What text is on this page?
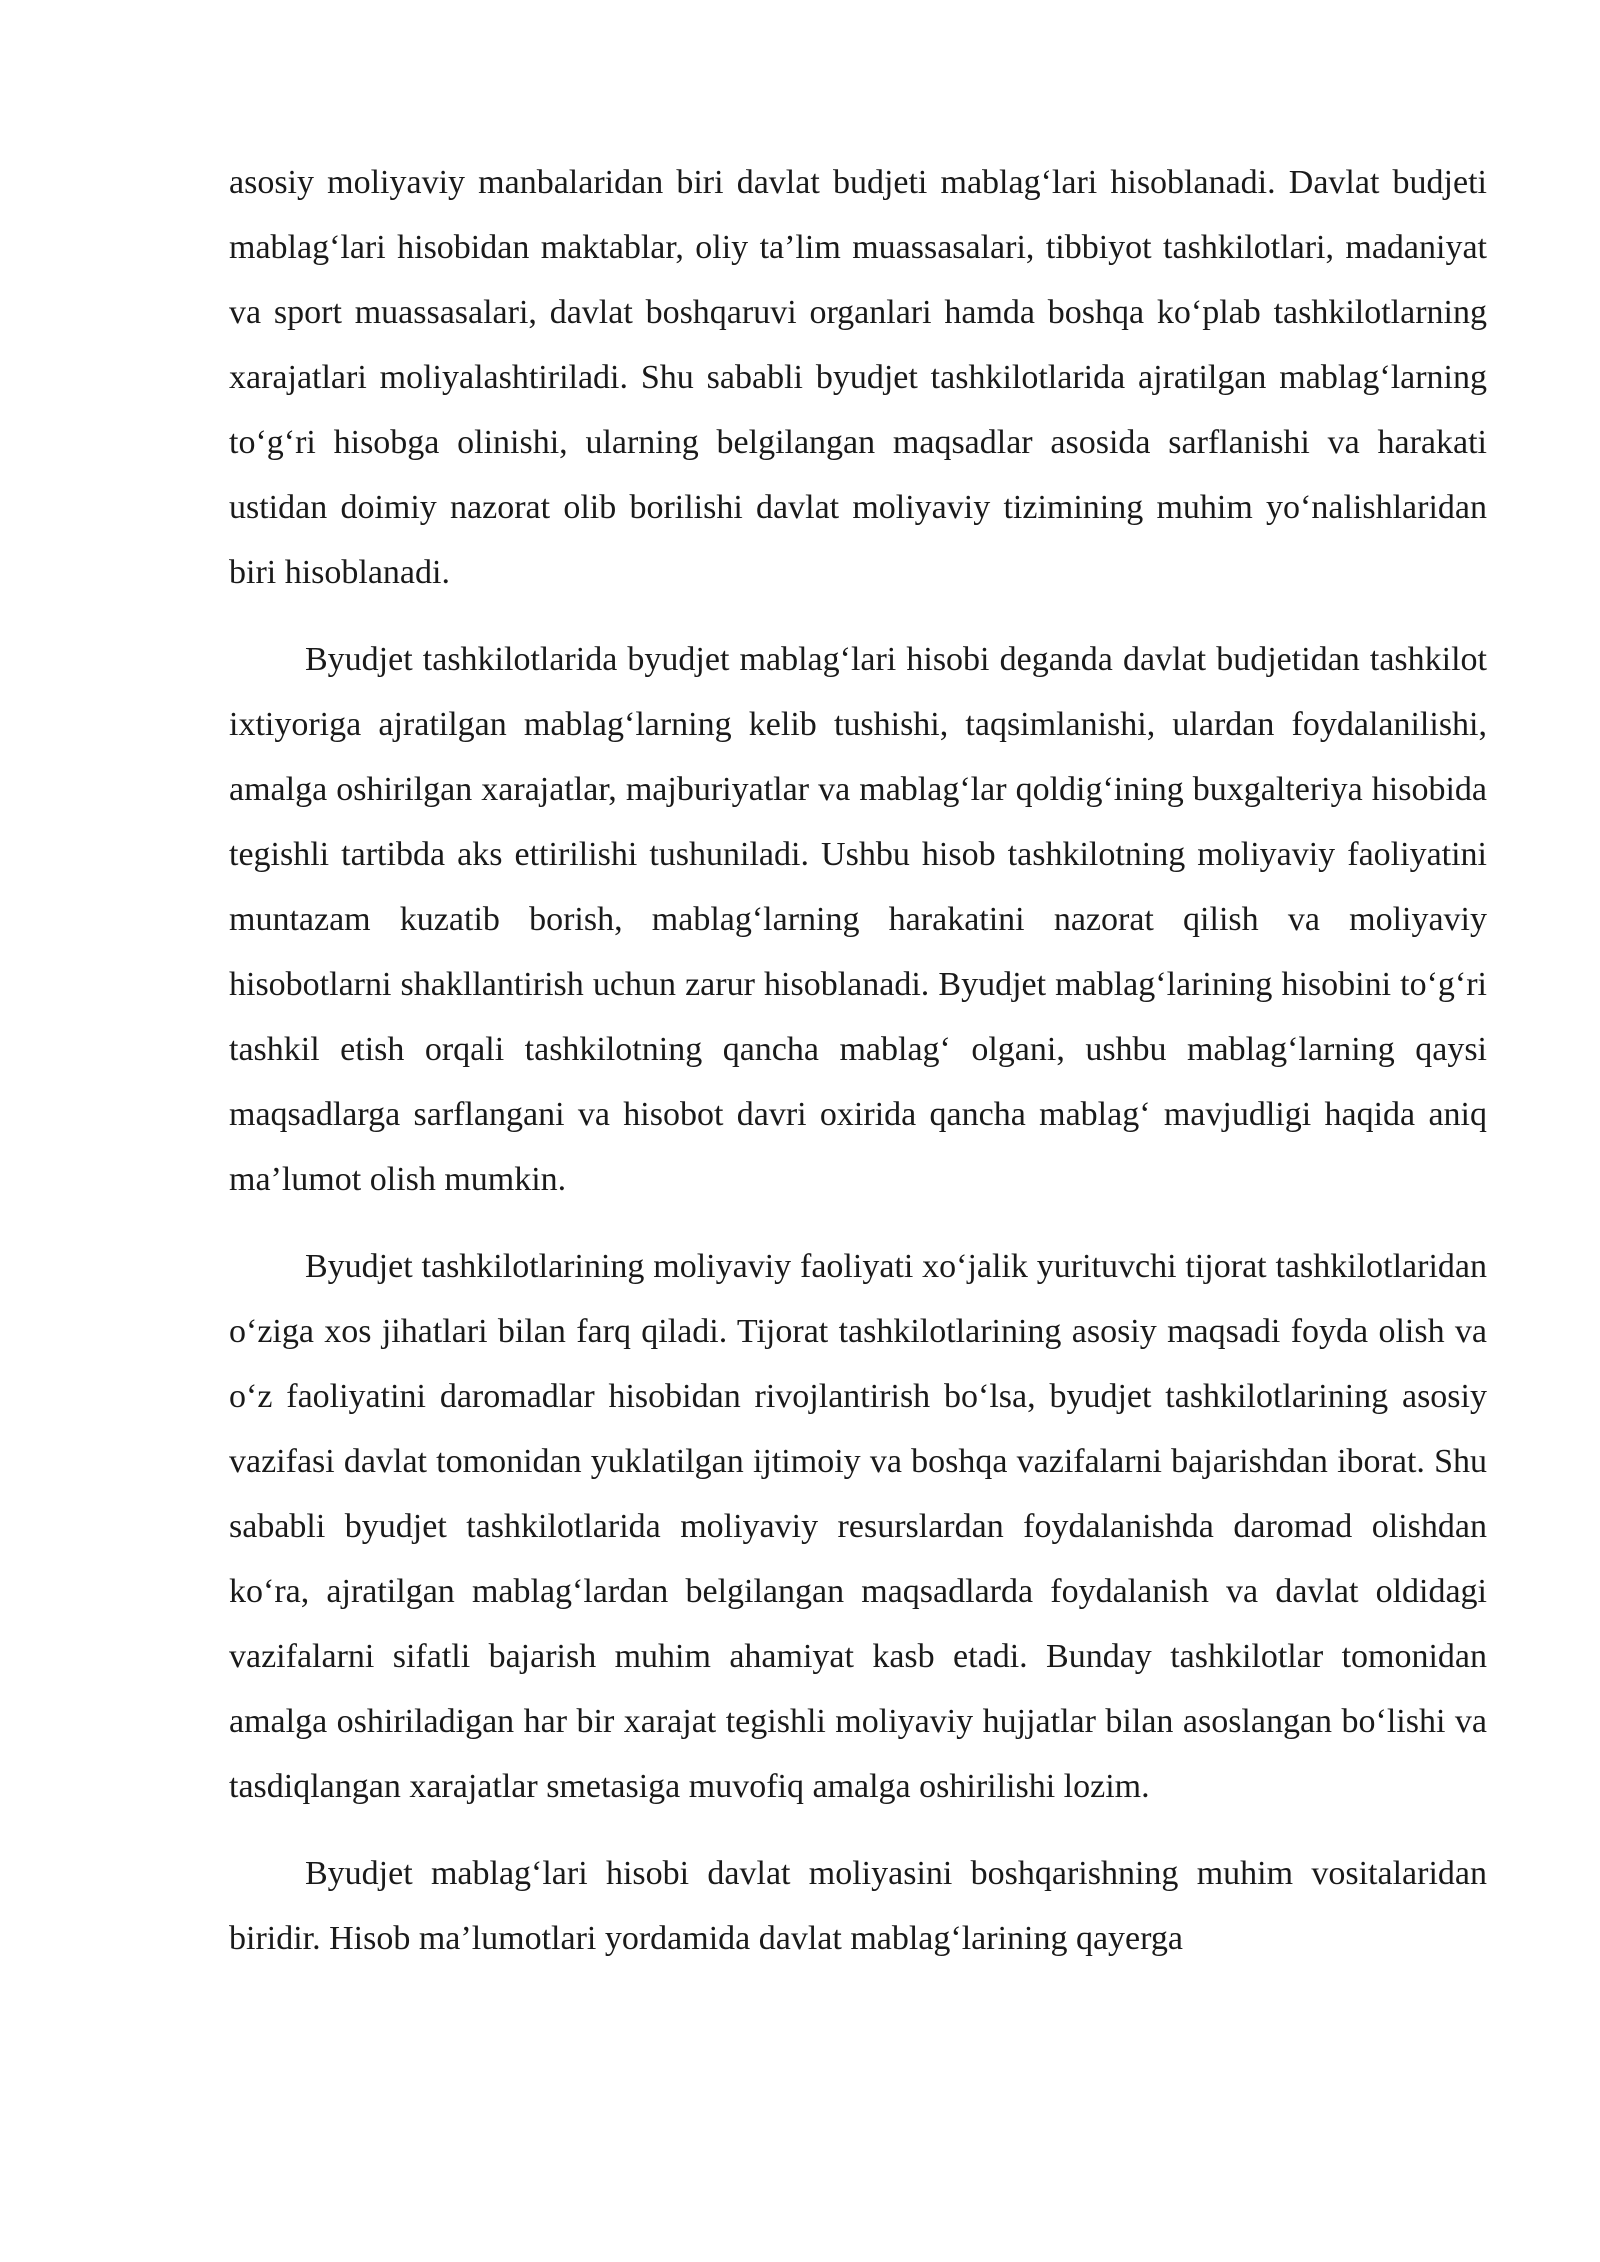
asosiy moliyaviy manbalaridan biri davlat budjeti mablag‘lari hisoblanadi. Davlat budjeti mablag‘lari hisobidan maktablar, oliy ta’lim muassasalari, tibbiyot tashkilotlari, madaniyat va sport muassasalari, davlat boshqaruvi organlari hamda boshqa ko‘plab tashkilotlarning xarajatlari moliyalashtiriladi. Shu sababli byudjet tashkilotlarida ajratilgan mablag‘larning to‘g‘ri hisobga olinishi, ularning belgilangan maqsadlar asosida sarflanishi va harakati ustidan doimiy nazorat olib borilishi davlat moliyaviy tizimining muhim yo‘nalishlaridan biri hisoblanadi.

Byudjet tashkilotlarida byudjet mablag‘lari hisobi deganda davlat budjetidan tashkilot ixtiyoriga ajratilgan mablag‘larning kelib tushishi, taqsimlanishi, ulardan foydalanilishi, amalga oshirilgan xarajatlar, majburiyatlar va mablag‘lar qoldig‘ining buxgalteriya hisobida tegishli tartibda aks ettirilishi tushuniladi. Ushbu hisob tashkilotning moliyaviy faoliyatini muntazam kuzatib borish, mablag‘larning harakatini nazorat qilish va moliyaviy hisobotlarni shakllantirish uchun zarur hisoblanadi. Byudjet mablag‘larining hisobini to‘g‘ri tashkil etish orqali tashkilotning qancha mablag‘ olgani, ushbu mablag‘larning qaysi maqsadlarga sarflangani va hisobot davri oxirida qancha mablag‘ mavjudligi haqida aniq ma’lumot olish mumkin.

Byudjet tashkilotlarining moliyaviy faoliyati xo‘jalik yurituvchi tijorat tashkilotlaridan o‘ziga xos jihatlari bilan farq qiladi. Tijorat tashkilotlarining asosiy maqsadi foyda olish va o‘z faoliyatini daromadlar hisobidan rivojlantirish bo‘lsa, byudjet tashkilotlarining asosiy vazifasi davlat tomonidan yuklatilgan ijtimoiy va boshqa vazifalarni bajarishdan iborat. Shu sababli byudjet tashkilotlarida moliyaviy resurslardan foydalanishda daromad olishdan ko‘ra, ajratilgan mablag‘lardan belgilangan maqsadlarda foydalanish va davlat oldidagi vazifalarni sifatli bajarish muhim ahamiyat kasb etadi. Bunday tashkilotlar tomonidan amalga oshiriladigan har bir xarajat tegishli moliyaviy hujjatlar bilan asoslangan bo‘lishi va tasdiqlangan xarajatlar smetasiga muvofiq amalga oshirilishi lozim.

Byudjet mablag‘lari hisobi davlat moliyasini boshqarishning muhim vositalaridan biridir. Hisob ma’lumotlari yordamida davlat mablag‘larining qayerga
